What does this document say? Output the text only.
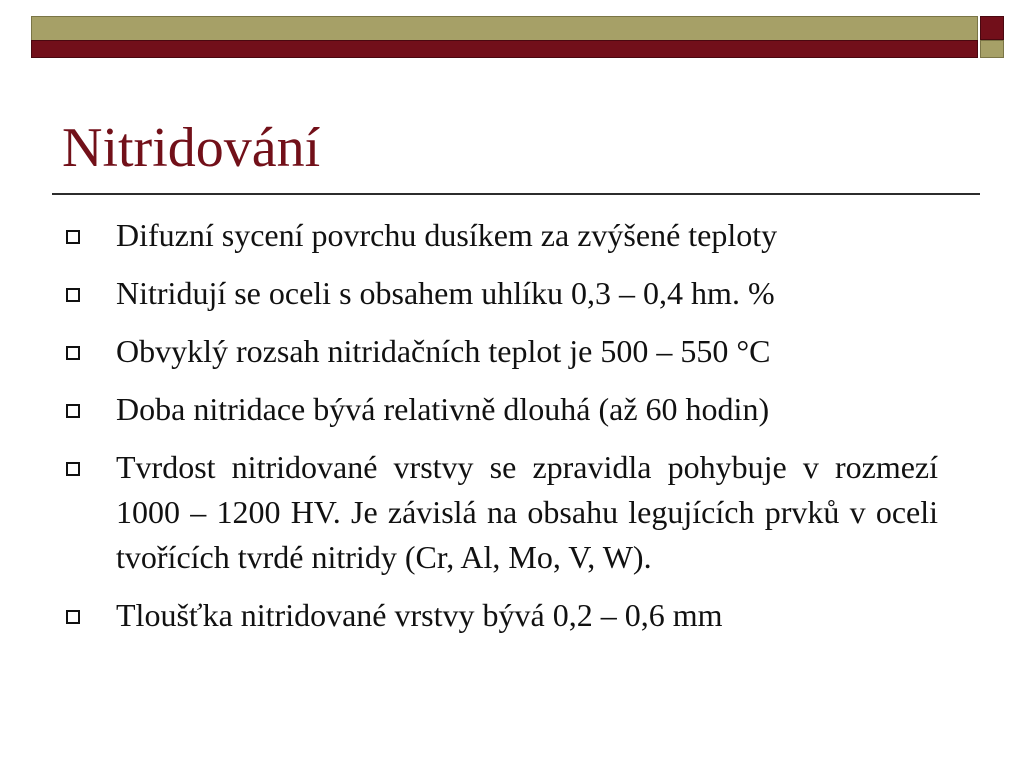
Nitridování
Difuzní sycení povrchu dusíkem za zvýšené teploty
Nitridují se oceli s obsahem uhlíku 0,3 – 0,4 hm. %
Obvyklý rozsah nitridačních teplot je 500 – 550 °C
Doba nitridace bývá relativně dlouhá (až 60 hodin)
Tvrdost nitridované vrstvy se zpravidla pohybuje v rozmezí 1000 – 1200 HV. Je závislá na obsahu legujících prvků v oceli tvořících tvrdé nitridy (Cr, Al, Mo, V, W).
Tloušťka nitridované vrstvy bývá 0,2 – 0,6 mm
